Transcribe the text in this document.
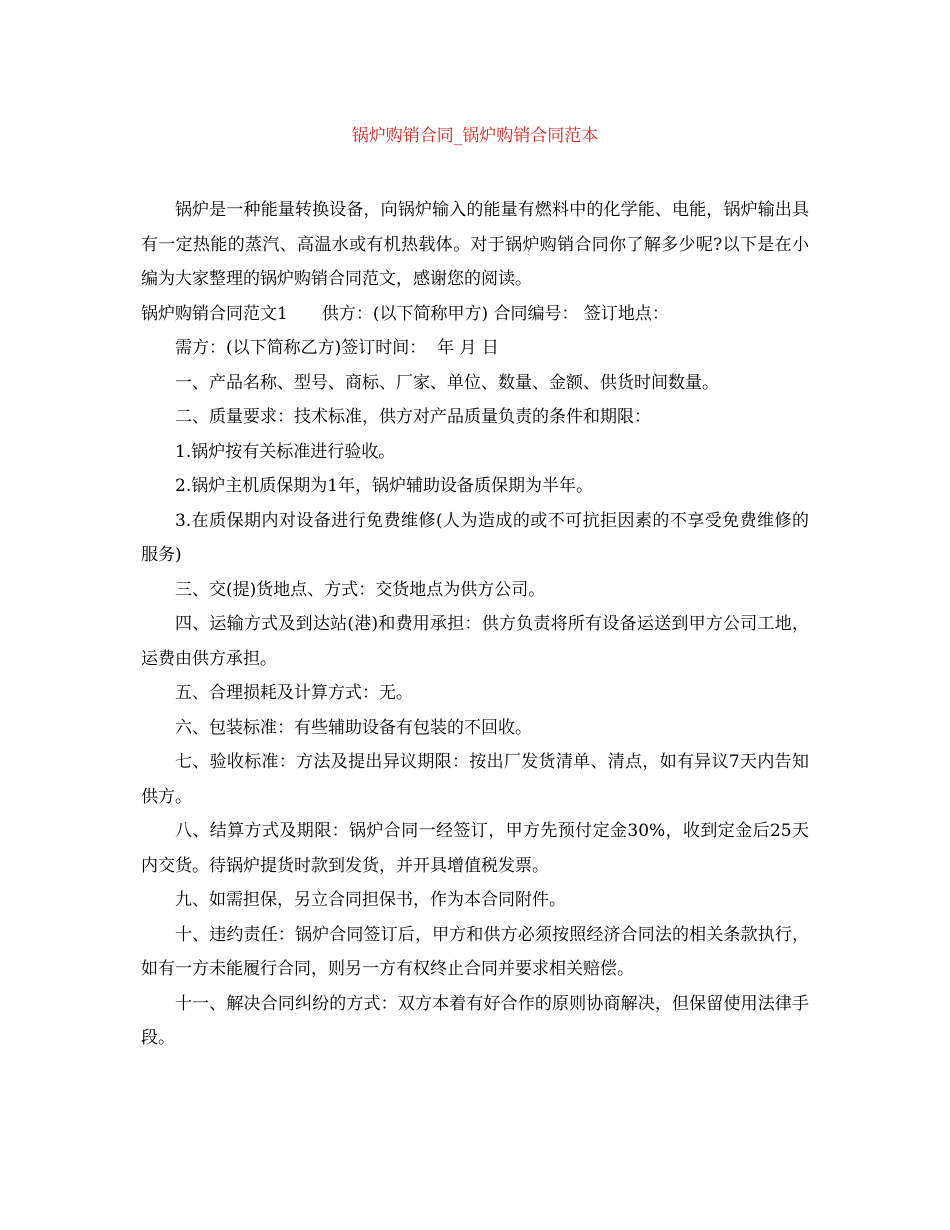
锅炉购销合同_锅炉购销合同范本

锅炉是一种能量转换设备，向锅炉输入的能量有燃料中的化学能、电能，锅炉输出具有一定热能的蒸汽、高温水或有机热载体。对于锅炉购销合同你了解多少呢?以下是在小编为大家整理的锅炉购销合同范文，感谢您的阅读。

锅炉购销合同范文1　　供方：(以下简称甲方) 合同编号： 签订地点：

需方：(以下简称乙方)签订时间：  年 月 日

一、产品名称、型号、商标、厂家、单位、数量、金额、供货时间数量。

二、质量要求：技术标准，供方对产品质量负责的条件和期限：

1.锅炉按有关标准进行验收。

2.锅炉主机质保期为1年，锅炉辅助设备质保期为半年。

3.在质保期内对设备进行免费维修(人为造成的或不可抗拒因素的不享受免费维修的服务)

三、交(提)货地点、方式：交货地点为供方公司。

四、运输方式及到达站(港)和费用承担：供方负责将所有设备运送到甲方公司工地，运费由供方承担。

五、合理损耗及计算方式：无。

六、包装标准：有些辅助设备有包装的不回收。

七、验收标准：方法及提出异议期限：按出厂发货清单、清点，如有异议7天内告知供方。

八、结算方式及期限：锅炉合同一经签订，甲方先预付定金30%，收到定金后25天内交货。待锅炉提货时款到发货，并开具增值税发票。

九、如需担保，另立合同担保书，作为本合同附件。

十、违约责任：锅炉合同签订后，甲方和供方必须按照经济合同法的相关条款执行，如有一方未能履行合同，则另一方有权终止合同并要求相关赔偿。

十一、解决合同纠纷的方式：双方本着有好合作的原则协商解决，但保留使用法律手段。
